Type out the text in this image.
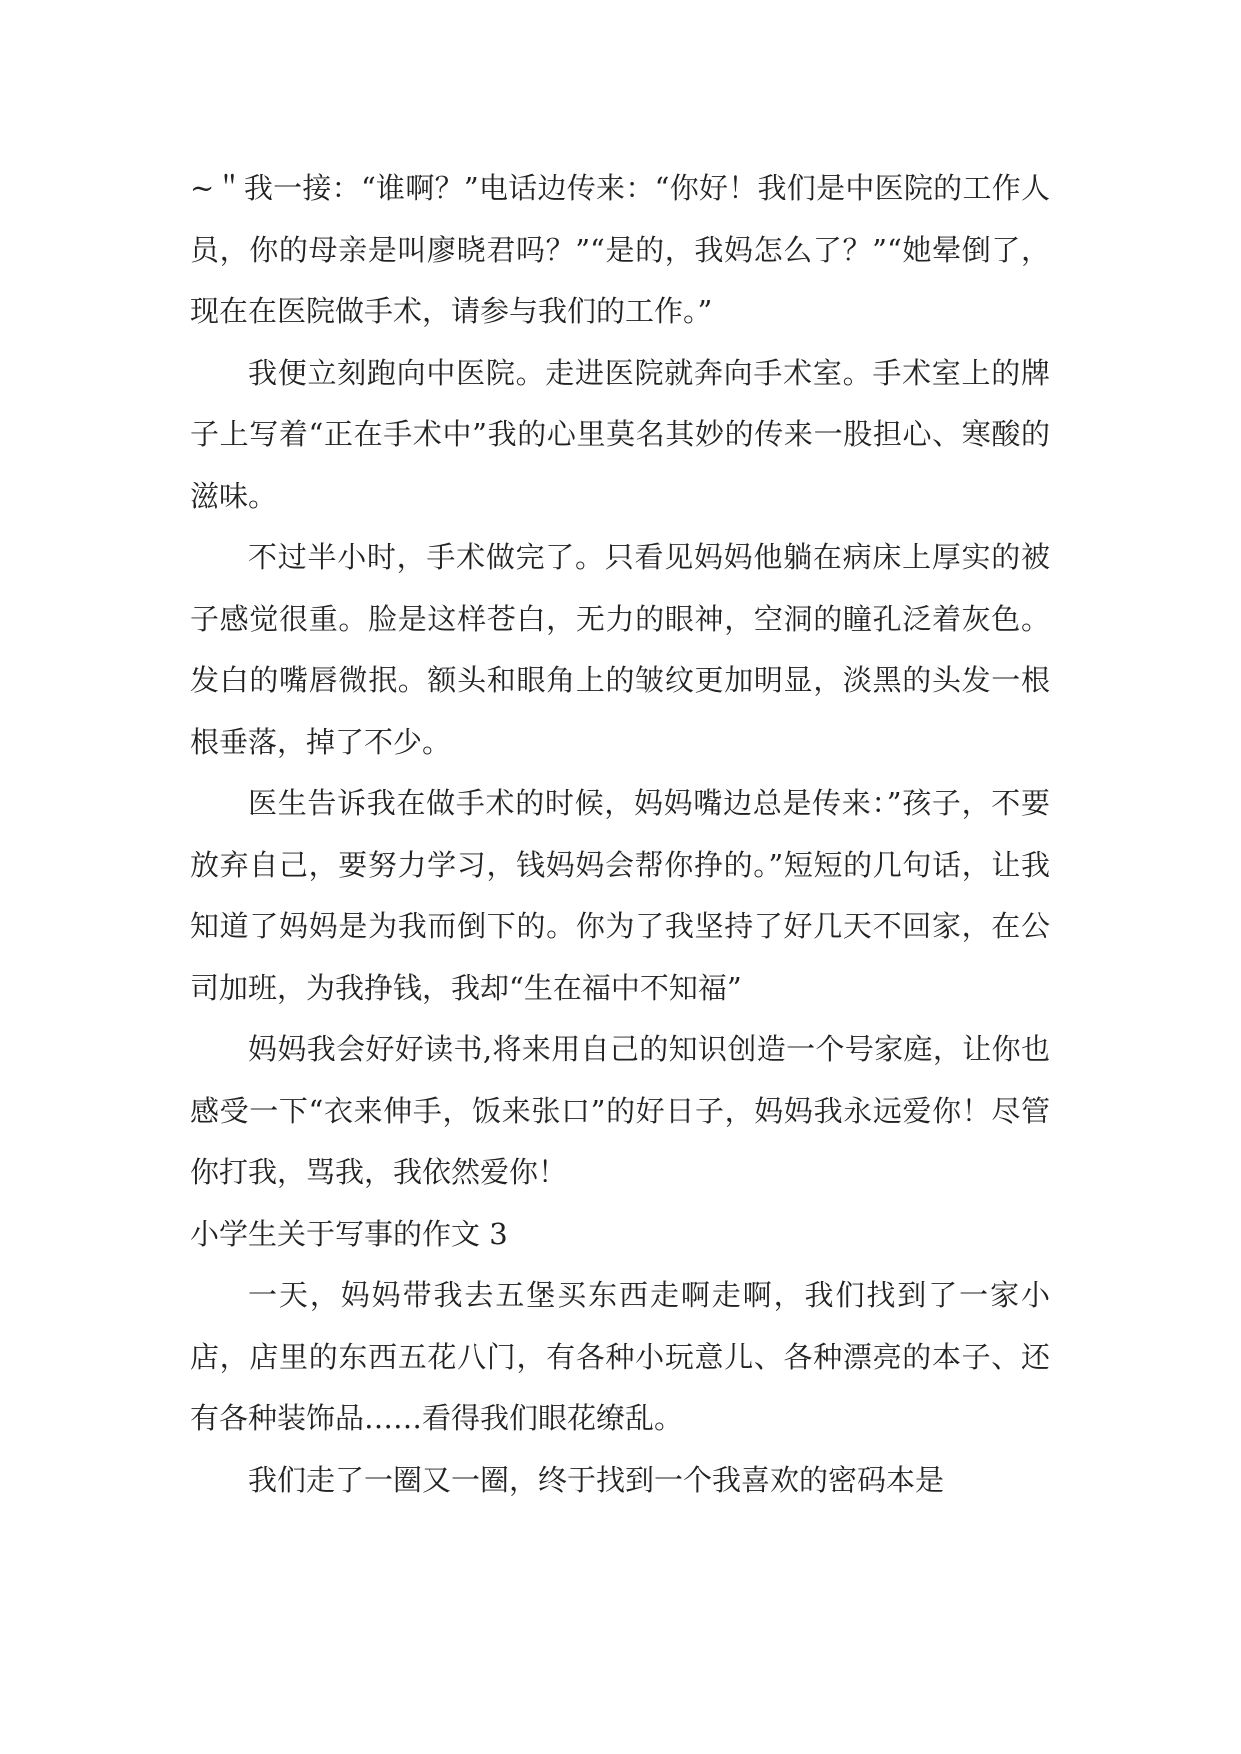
~＂我一接：“谁啊？”电话边传来：“你好！我们是中医院的工作人员，你的母亲是叫廖晓君吗？”“是的，我妈怎么了？”“她晕倒了，现在在医院做手术，请参与我们的工作。”

我便立刻跑向中医院。走进医院就奔向手术室。手术室上的牌子上写着“正在手术中”我的心里莫名其妙的传来一股担心、寒酸的滋味。

不过半小时，手术做完了。只看见妈妈他躺在病床上厚实的被子感觉很重。脸是这样苍白，无力的眼神，空洞的瞳孔泛着灰色。发白的嘴唇微抿。额头和眼角上的皱纹更加明显，淡黑的头发一根根垂落，掉了不少。

医生告诉我在做手术的时候，妈妈嘴边总是传来：”孩子，不要放弃自己，要努力学习，钱妈妈会帮你挣的。”短短的几句话，让我知道了妈妈是为我而倒下的。你为了我坚持了好几天不回家，在公司加班，为我挣钱，我却“生在福中不知福”

妈妈我会好好读书,将来用自己的知识创造一个号家庭，让你也感受一下“衣来伸手，饭来张口”的好日子，妈妈我永远爱你！尽管你打我，骂我，我依然爱你！

小学生关于写事的作文 3

一天，妈妈带我去五堡买东西走啊走啊，我们找到了一家小店，店里的东西五花八门，有各种小玩意儿、各种漂亮的本子、还有各种装饰品……看得我们眼花缭乱。

我们走了一圈又一圈，终于找到一个我喜欢的密码本是
